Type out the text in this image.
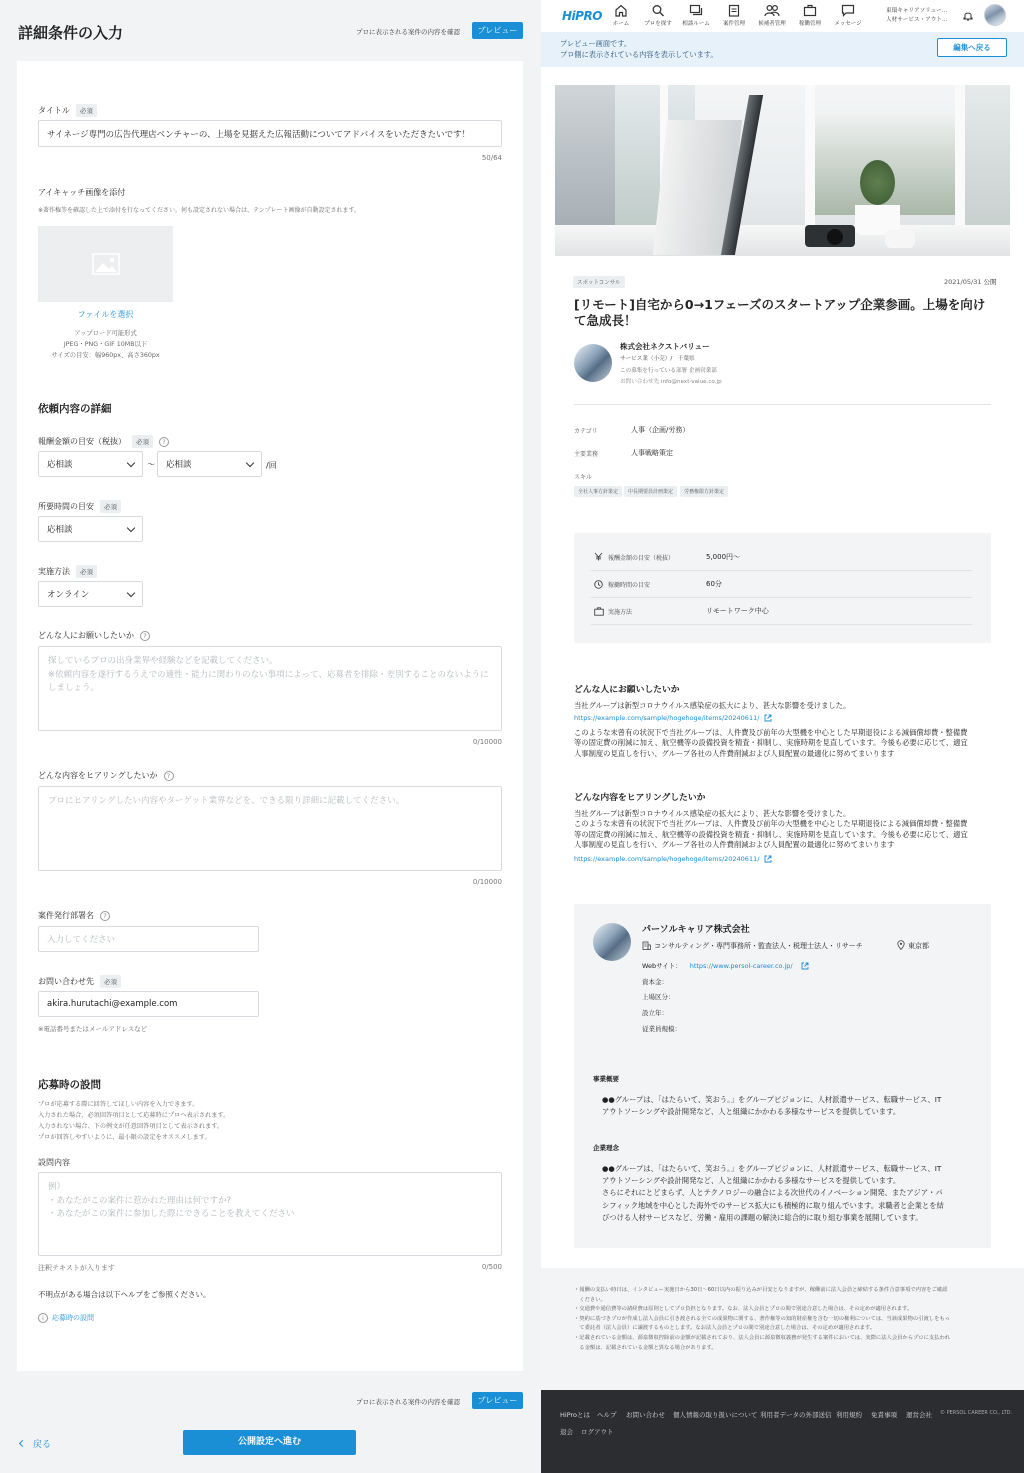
詳細条件の入力	プロに表示される案件の内容を確認	プレビュー
タイトル	必須
サイネージ専門の広告代理店ベンチャーの、上場を見据えた広報活動についてアドバイスをいただきたいです！
50/64
アイキャッチ画像を添付
※著作権等を確認した上で添付を行なってください。何も設定されない場合は、テンプレート画像が自動設定されます。
ファイルを選択
アップロード可能形式
JPEG・PNG・GIF 10MB以下
サイズの目安：幅960px、高さ360px
依頼内容の詳細
報酬金額の目安（税抜）	必須	?
応相談	〜 応相談	/回
所要時間の目安	必須
応相談
実施方法	必須
オンライン
どんな人にお願いしたいか	?
探しているプロの出身業界や経験などを記載してください。
※依頼内容を遂行するうえでの適性・能力に関わりのない事項によって、応募者を排除・差別することのないようにしましょう。
0/10000
どんな内容をヒアリングしたいか	?
プロにヒアリングしたい内容やターゲット業界などを、できる限り詳細に記載してください。
0/10000
案件発行部署名	?
入力してください
お問い合わせ先	必須
akira.hurutachi@example.com
※電話番号またはメールアドレスなど
応募時の設問
プロが応募する際に回答してほしい内容を入力できます。
入力された場合、必須回答項目として応募時にプロへ表示されます。
入力されない場合、下の例文が任意回答項目として表示されます。
プロが回答しやすいように、最小限の設定をオススメします。
設問内容
例）
・あなたがこの案件に惹かれた理由は何ですか?
・あなたがこの案件に参加した際にできることを教えてください
注釈テキストが入ります	0/500
不明点がある場合は以下ヘルプをご参照ください。
i	応募時の設問
プロに表示される案件の内容を確認	プレビュー
戻る	公開設定へ進む
HiPRO
ホーム	プロを探す	相談ルーム	案件管理	候補者管理	稼働管理	メッセージ
東環キャリアソリュー...
人材サービス・アウト...
プレビュー画面です。
プロ側に表示されている内容を表示しています。
編集へ戻る
スポットコンサル	2021/05/31 公開
[リモート]自宅から0→1フェーズのスタートアップ企業参画。上場を向けて急成長！
株式会社ネクストバリュー
サービス業（小売）/　千葉県
この募集を行っている部署 企画営業部
お問い合わせ先 info@next-value.co.jp
カテゴリ	人事（企画/労務）
主要業務	人事戦略策定
スキル
全社人事方針策定	中長期要員計画策定	労務権限方針策定
報酬金額の目安（税抜）	5,000円〜
稼働時間の目安	60分
実施方法	リモートワーク中心
どんな人にお願いしたいか
当社グループは新型コロナウイルス感染症の拡大により、甚大な影響を受けました。
https://example.com/sample/hogehoge/items/20240611/
このような未曾有の状況下で当社グループは、人件費及び前年の大型機を中心とした早期退役による減価償却費・整備費
等の固定費の削減に加え、航空機等の設備投資を精査・抑制し、実施時期を見直しています。今後も必要に応じて、適宜
人事制度の見直しを行い、グループ各社の人件費削減および人員配置の最適化に努めてまいります
どんな内容をヒアリングしたいか
当社グループは新型コロナウイルス感染症の拡大により、甚大な影響を受けました。
このような未曾有の状況下で当社グループは、人件費及び前年の大型機を中心とした早期退役による減価償却費・整備費
等の固定費の削減に加え、航空機等の設備投資を精査・抑制し、実施時期を見直しています。今後も必要に応じて、適宜
人事制度の見直しを行い、グループ各社の人件費削減および人員配置の最適化に努めてまいります
https://example.com/sample/hogehoge/items/20240611/
パーソルキャリア株式会社
コンサルティング・専門事務所・監査法人・税理士法人・リサーチ	東京都
Webサイト： https://www.persol-career.co.jp/
資本金：
上場区分：
設立年：
従業員規模：
事業概要
●●グループは、「はたらいて、笑おう。」をグループビジョンに、人材派遣サービス、転職サービス、IT
アウトソーシングや設計開発など、人と組織にかかわる多様なサービスを提供しています。
企業理念
●●グループは、「はたらいて、笑おう。」をグループビジョンに、人材派遣サービス、転職サービス、IT
アウトソーシングや設計開発など、人と組織にかかわる多様なサービスを提供しています。
さらにそれにとどまらず、人とテクノロジーの融合による次世代のイノベーション開発、またアジア・パ
シフィック地域を中心とした海外でのサービス拡大にも積極的に取り組んでいます。求職者と企業とを結
びつける人材サービスなど、労働・雇用の課題の解決に総合的に取り組む事業を展開しています。
・報酬の支払い時日は、インタビュー実施日から30日〜60日以内の振り込みが目安となりますが、稼働前に法人会員と締結する条件合意事項で内容をご確認
　ください。
・交通費や通信費等の諸経費は原則としてプロ負担となります。なお、法人会員とプロの間で別途合意した場合は、その定めが適用されます。
・契約に基づきプロが作成し法人会員に引き渡される全ての成果物に関する、著作権等の知的財産権を含む一切の権利については、当該成果物の引渡しをもっ
　て委託者（法人会員）に譲渡するものとします。なお法人会員とプロの間で別途合意した場合は、その定めが適用されます。
・記載されている金額は、源泉徴収控除前の金額が記載されており、法人会員に源泉徴収義務が発生する案件においては、実際に法人会員からプロに支払われ
　る金額は、記載されている金額と異なる場合があります。
HiProとは ヘルプ お問い合わせ 個人情報の取り扱いについて 利用者データの外部送信 利用規約 免責事項 運営会社 © PERSOL CAREER CO., LTD.
退会 ログアウト
